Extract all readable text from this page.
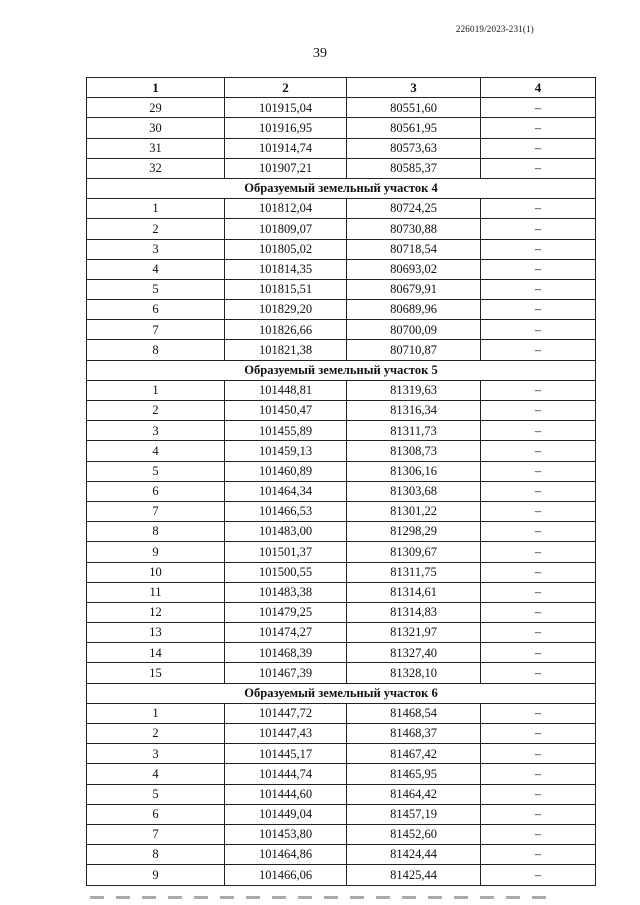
226019/2023-231(1)
39
1	2	3	4
29	101915,04	80551,60	–
30	101916,95	80561,95	–
31	101914,74	80573,63	–
32	101907,21	80585,37	–
Образуемый земельный участок 4			
1	101812,04	80724,25	–
2	101809,07	80730,88	–
3	101805,02	80718,54	–
4	101814,35	80693,02	–
5	101815,51	80679,91	–
6	101829,20	80689,96	–
7	101826,66	80700,09	–
8	101821,38	80710,87	–
Образуемый земельный участок 5			
1	101448,81	81319,63	–
2	101450,47	81316,34	–
3	101455,89	81311,73	–
4	101459,13	81308,73	–
5	101460,89	81306,16	–
6	101464,34	81303,68	–
7	101466,53	81301,22	–
8	101483,00	81298,29	–
9	101501,37	81309,67	–
10	101500,55	81311,75	–
11	101483,38	81314,61	–
12	101479,25	81314,83	–
13	101474,27	81321,97	–
14	101468,39	81327,40	–
15	101467,39	81328,10	–
Образуемый земельный участок 6			
1	101447,72	81468,54	–
2	101447,43	81468,37	–
3	101445,17	81467,42	–
4	101444,74	81465,95	–
5	101444,60	81464,42	–
6	101449,04	81457,19	–
7	101453,80	81452,60	–
8	101464,86	81424,44	–
9	101466,06	81425,44	–
